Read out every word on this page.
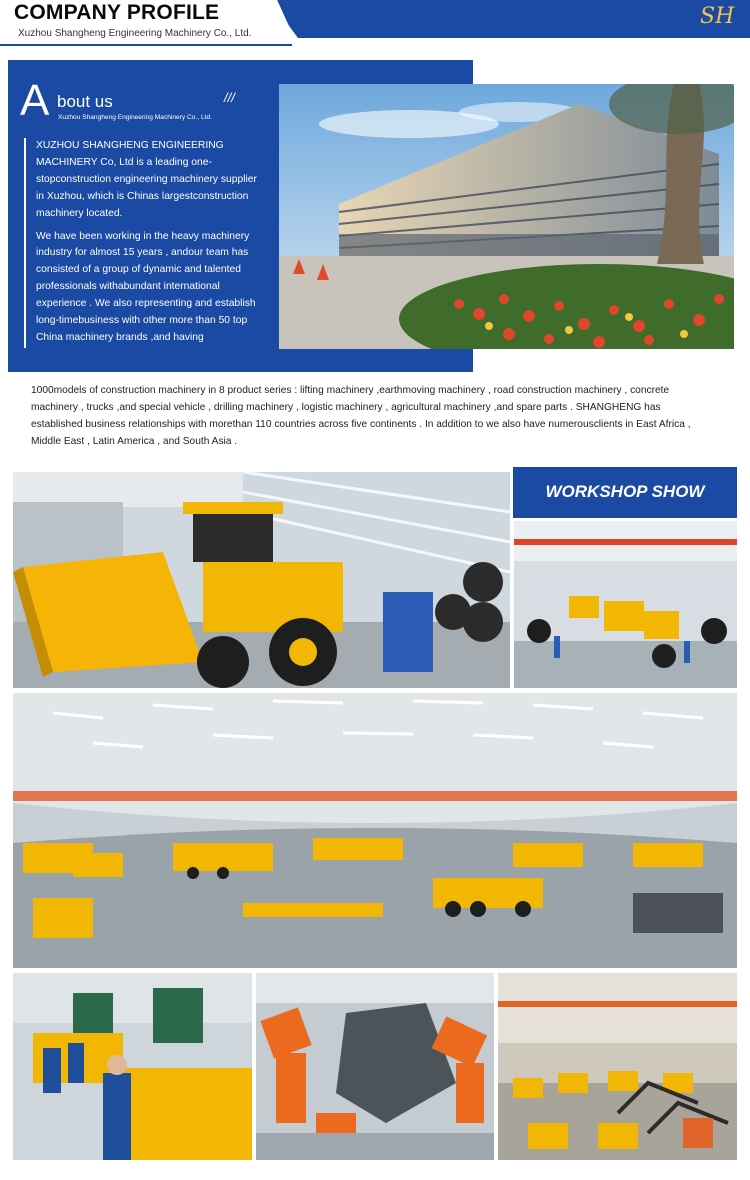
COMPANY PROFILE
Xuzhou Shangheng Engineering Machinery Co., Ltd.
SH
A bout us	///
Xuzhou Shangheng Engineering Machinery Co., Ltd.

XUZHOU SHANGHENG ENGINEERING MACHINERY Co, Ltd is a leading one-stopconstruction engineering machinery supplier in Xuzhou, which is Chinas largestconstruction machinery located.

We have been working in the heavy machinery industry for almost 15 years , andour team has consisted of a group of dynamic and talented professionals withabundant international experience . We also representing and establish long-timebusiness with other more than 50 top China machinery brands ,and having

1000models of construction machinery in 8 product series : lifting machinery ,earthmoving machinery , road construction machinery , concrete machinery , trucks ,and special vehicle , drilling machinery , logistic machinery , agricultural machinery ,and spare parts . SHANGHENG has established business relationships with morethan 110 countries across five continents . In addition to we also have numerousclients in East Africa , Middle East , Latin America , and South Asia .
WORKSHOP SHOW
